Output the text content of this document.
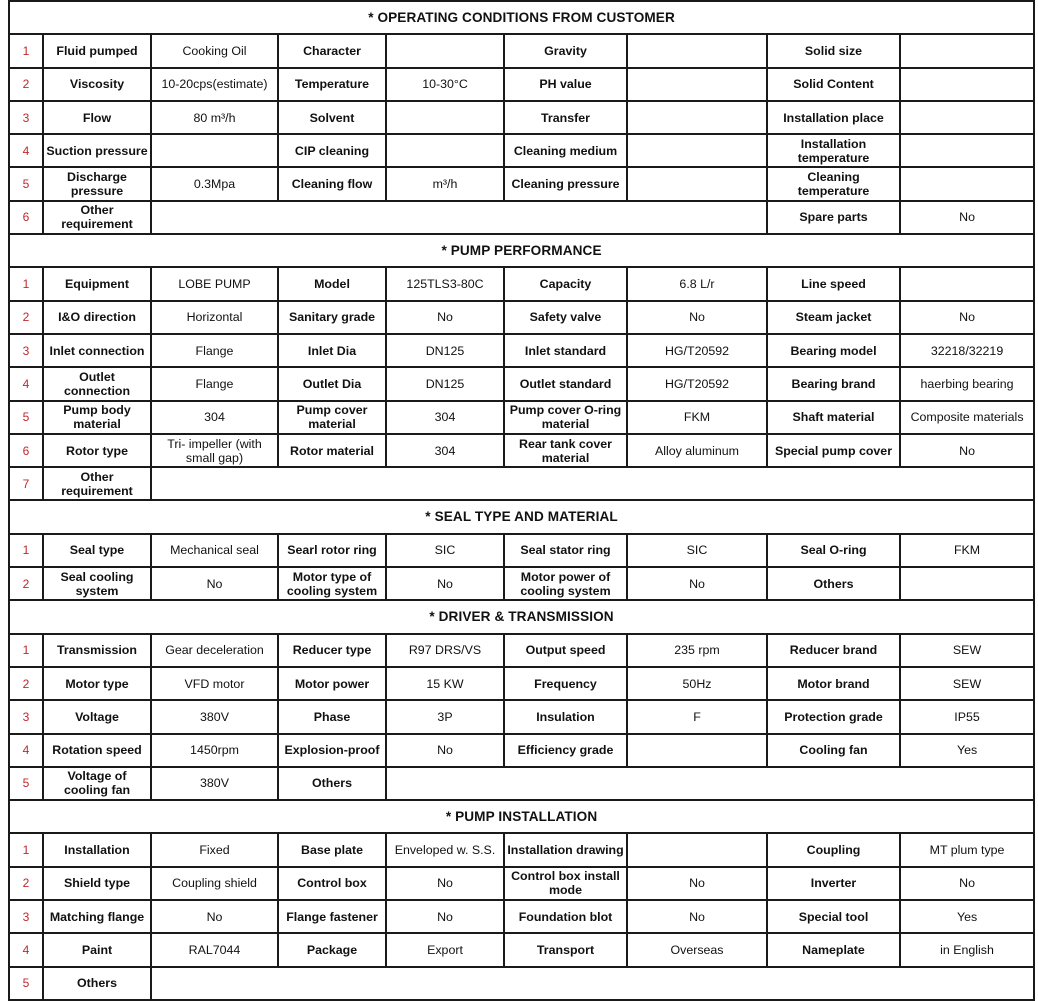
* OPERATING CONDITIONS FROM CUSTOMER								
1	Fluid pumped	Cooking Oil	Character		Gravity		Solid size	
2	Viscosity	10-20cps(estimate)	Temperature	10-30°C	PH value		Solid Content	
3	Flow	80 m³/h	Solvent		Transfer		Installation place	
4	Suction pressure		CIP cleaning		Cleaning medium		Installation temperature	
5	Discharge pressure	0.3Mpa	Cleaning flow	m³/h	Cleaning pressure		Cleaning temperature	
6	Other requirement						Spare parts	No
* PUMP PERFORMANCE								
1	Equipment	LOBE PUMP	Model	125TLS3-80C	Capacity	6.8 L/r	Line speed	
2	I&O direction	Horizontal	Sanitary grade	No	Safety valve	No	Steam jacket	No
3	Inlet connection	Flange	Inlet Dia	DN125	Inlet standard	HG/T20592	Bearing model	32218/32219
4	Outlet connection	Flange	Outlet Dia	DN125	Outlet standard	HG/T20592	Bearing brand	haerbing bearing
5	Pump body material	304	Pump cover material	304	Pump cover O-ring material	FKM	Shaft material	Composite materials
6	Rotor type	Tri- impeller (with small gap)	Rotor material	304	Rear tank cover material	Alloy aluminum	Special pump cover	No
7	Other requirement							
* SEAL TYPE AND MATERIAL								
1	Seal type	Mechanical seal	Searl rotor ring	SIC	Seal stator ring	SIC	Seal O-ring	FKM
2	Seal cooling system	No	Motor type of cooling system	No	Motor power of cooling system	No	Others	
* DRIVER & TRANSMISSION								
1	Transmission	Gear deceleration	Reducer type	R97 DRS/VS	Output speed	235 rpm	Reducer brand	SEW
2	Motor type	VFD motor	Motor power	15 KW	Frequency	50Hz	Motor brand	SEW
3	Voltage	380V	Phase	3P	Insulation	F	Protection grade	IP55
4	Rotation speed	1450rpm	Explosion-proof	No	Efficiency grade		Cooling fan	Yes
5	Voltage of cooling fan	380V	Others					
* PUMP INSTALLATION								
1	Installation	Fixed	Base plate	Enveloped w. S.S.	Installation drawing		Coupling	MT plum type
2	Shield type	Coupling shield	Control box	No	Control box install mode	No	Inverter	No
3	Matching flange	No	Flange fastener	No	Foundation blot	No	Special tool	Yes
4	Paint	RAL7044	Package	Export	Transport	Overseas	Nameplate	in English
5	Others							
